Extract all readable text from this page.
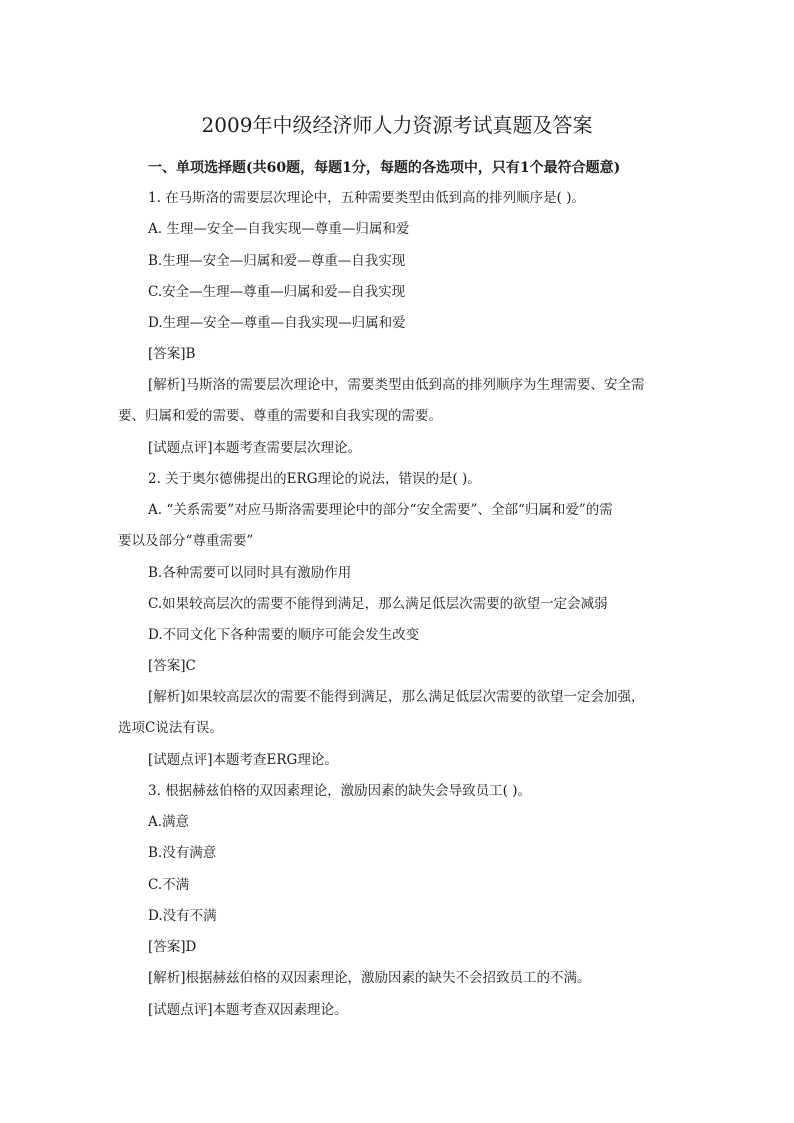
2009年中级经济师人力资源考试真题及答案
一、单项选择题(共60题，每题1分，每题的各选项中，只有1个最符合题意)
1. 在马斯洛的需要层次理论中，五种需要类型由低到高的排列顺序是( )。
A. 生理—安全—自我实现—尊重—归属和爱
B.生理—安全—归属和爱—尊重—自我实现
C.安全—生理—尊重—归属和爱—自我实现
D.生理—安全—尊重—自我实现—归属和爱
[答案]B
[解析]马斯洛的需要层次理论中，需要类型由低到高的排列顺序为生理需要、安全需
要、归属和爱的需要、尊重的需要和自我实现的需要。
[试题点评]本题考查需要层次理论。
2. 关于奥尔德佛提出的ERG理论的说法，错误的是( )。
A. “关系需要”对应马斯洛需要理论中的部分“安全需要”、全部“归属和爱”的需
要以及部分“尊重需要”
B.各种需要可以同时具有激励作用
C.如果较高层次的需要不能得到满足，那么满足低层次需要的欲望一定会减弱
D.不同文化下各种需要的顺序可能会发生改变
[答案]C
[解析]如果较高层次的需要不能得到满足，那么满足低层次需要的欲望一定会加强，
选项C说法有误。
[试题点评]本题考查ERG理论。
3. 根据赫兹伯格的双因素理论，激励因素的缺失会导致员工( )。
A.满意
B.没有满意
C.不满
D.没有不满
[答案]D
[解析]根据赫兹伯格的双因素理论，激励因素的缺失不会招致员工的不满。
[试题点评]本题考查双因素理论。
